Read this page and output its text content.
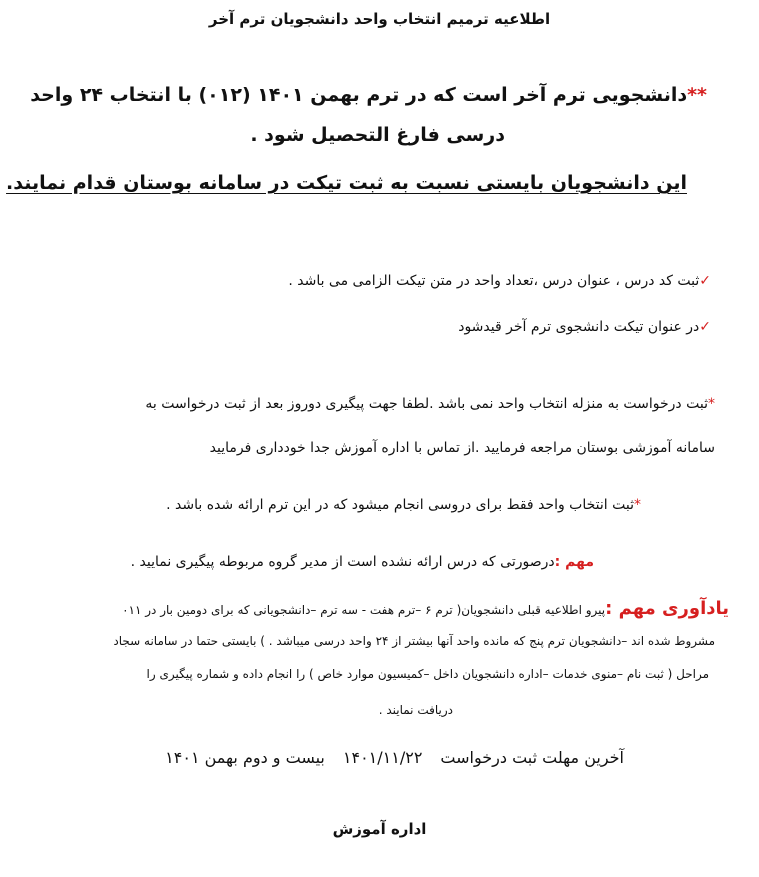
اطلاعیه ترمیم انتخاب واحد دانشجویان ترم آخر
**دانشجویی ترم آخر است که در ترم بهمن ۱۴۰۱ (۰۱۲) با انتخاب ۲۴ واحد
درسی فارغ التحصیل شود .
این دانشجویان بایستی نسبت به ثبت تیکت در سامانه بوستان قدام نمایند.
✓ثبت کد درس ، عنوان درس ،تعداد واحد در متن تیکت الزامی می باشد .
✓در عنوان تیکت دانشجوی ترم آخر قیدشود
*ثبت درخواست به منزله انتخاب واحد نمی باشد .لطفا جهت پیگیری دوروز بعد از ثبت درخواست به
سامانه آموزشی بوستان مراجعه فرمایید .از تماس با اداره آموزش جدا خودداری فرمایید
*ثبت انتخاب واحد فقط برای دروسی انجام میشود که در این ترم ارائه شده باشد .
مهم :درصورتی که درس ارائه نشده است از مدیر گروه مربوطه پیگیری نمایید .
یادآوری مهم :پیرو اطلاعیه قبلی دانشجویان( ترم ۶ –ترم هفت - سه ترم –دانشجویانی که برای دومین بار در ۰۱۱
مشروط شده اند –دانشجویان ترم پنج که مانده واحد آنها بیشتر از ۲۴ واحد درسی میباشد . ) بایستی حتما در سامانه سجاد
مراحل ( ثبت نام –منوی خدمات –اداره دانشجویان داخل –کمیسیون موارد خاص ) را انجام داده و شماره پیگیری را
دریافت نمایند .
آخرین مهلت ثبت درخواست۱۴۰۱/۱۱/۲۲بیست و دوم بهمن ۱۴۰۱
اداره آموزش
